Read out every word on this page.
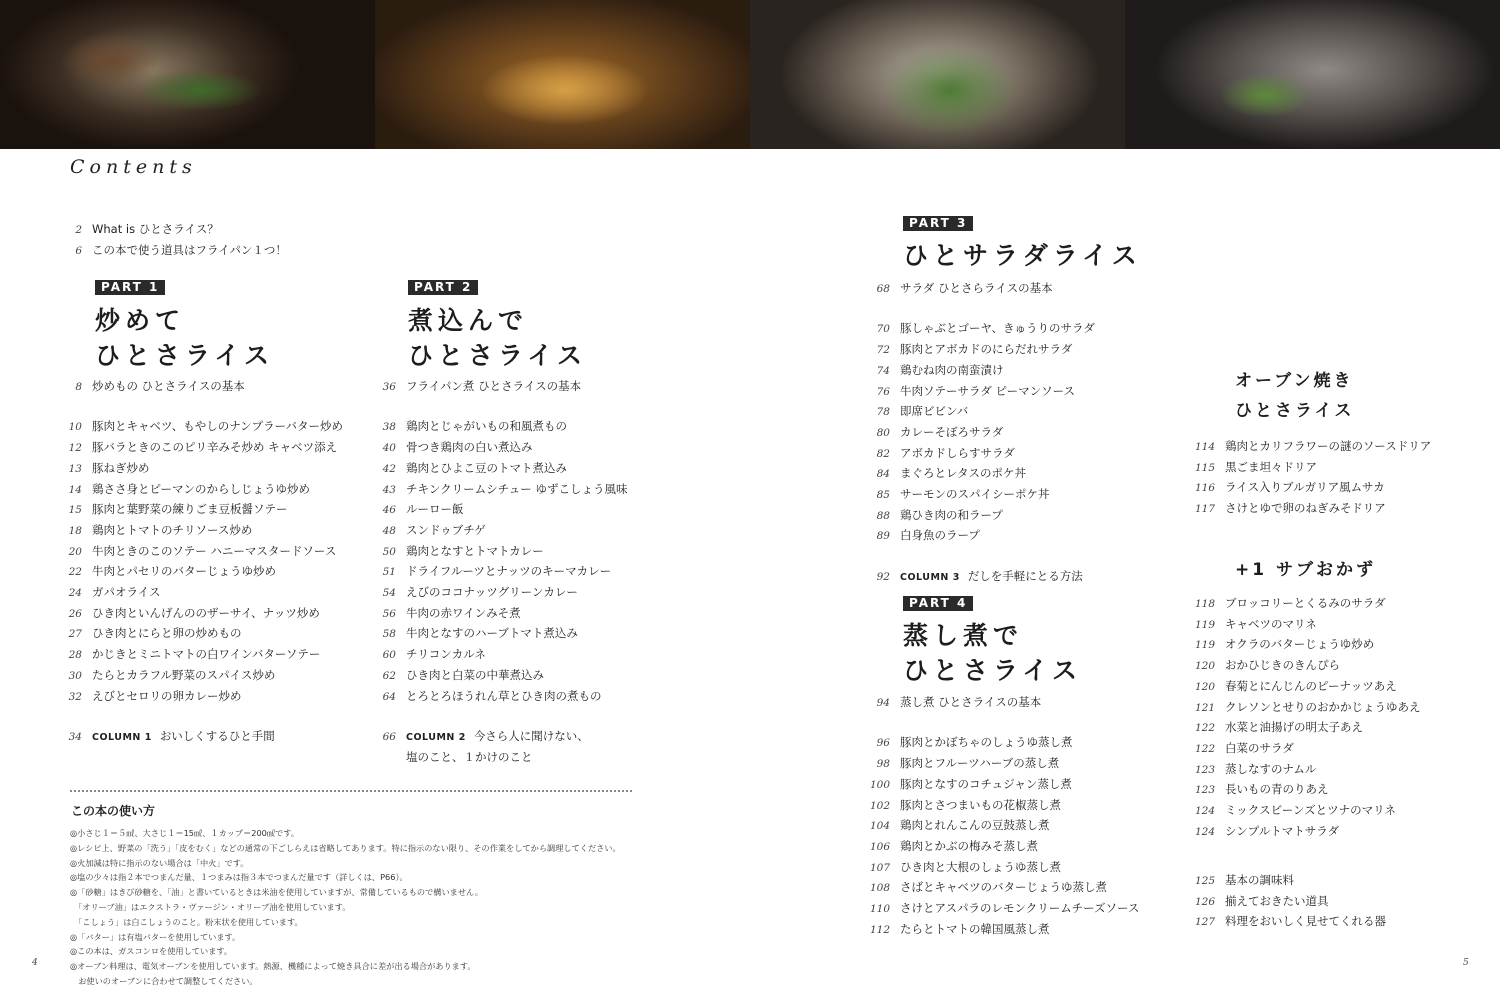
Contents
2 What is ひとさライス？
6 この本で使う道具はフライパン１つ！
PART 1
炒めて
ひとさライス
8 炒めもの ひとさライスの基本
10 豚肉とキャベツ、もやしのナンプラーバター炒め
12 豚バラときのこのピリ辛みそ炒め キャベツ添え
13 豚ねぎ炒め
14 鶏ささ身とピーマンのからしじょうゆ炒め
15 豚肉と葉野菜の練りごま豆板醤ソテー
18 鶏肉とトマトのチリソース炒め
20 牛肉ときのこのソテー ハニーマスタードソース
22 牛肉とパセリのバターじょうゆ炒め
24 ガパオライス
26 ひき肉といんげんののザーサイ、ナッツ炒め
27 ひき肉とにらと卵の炒めもの
28 かじきとミニトマトの白ワインバターソテー
30 たらとカラフル野菜のスパイス炒め
32 えびとセロリの卵カレー炒め
34 COLUMN 1 おいしくするひと手間
PART 2
煮込んで
ひとさライス
36 フライパン煮 ひとさライスの基本
38 鶏肉とじゃがいもの和風煮もの
40 骨つき鶏肉の白い煮込み
42 鶏肉とひよこ豆のトマト煮込み
43 チキンクリームシチュー ゆずこしょう風味
46 ルーロー飯
48 スンドゥブチゲ
50 鶏肉となすとトマトカレー
51 ドライフルーツとナッツのキーマカレー
54 えびのココナッツグリーンカレー
56 牛肉の赤ワインみそ煮
58 牛肉となすのハーブトマト煮込み
60 チリコンカルネ
62 ひき肉と白菜の中華煮込み
64 とろとろほうれん草とひき肉の煮もの
66 COLUMN 2 今さら人に聞けない、
塩のこと、１かけのこと
この本の使い方
◎小さじ１＝５㎖、大さじ１＝15㎖、１カップ＝200㎖です。
◎レシピ上、野菜の「洗う」「皮をむく」などの通常の下ごしらえは省略してあります。特に指示のない限り、その作業をしてから調理してください。
◎火加減は特に指示のない場合は「中火」です。
◎塩の少々は指２本でつまんだ量、１つまみは指３本でつまんだ量です（詳しくは、P66）。
◎「砂糖」はきび砂糖を、「油」と書いているときは米油を使用していますが、常備しているもので構いません。
　「オリーブ油」はエクストラ・ヴァージン・オリーブ油を使用しています。
　「こしょう」は白こしょうのこと。粉末状を使用しています。
◎「バター」は有塩バターを使用しています。
◎この本は、ガスコンロを使用しています。
◎オーブン料理は、電気オーブンを使用しています。熱源、機種によって焼き具合に差が出る場合があります。
　お使いのオーブンに合わせて調整してください。
PART 3
ひとサラダライス
68 サラダ ひとさらライスの基本
70 豚しゃぶとゴーヤ、きゅうりのサラダ
72 豚肉とアボカドのにらだれサラダ
74 鶏むね肉の南蛮漬け
76 牛肉ソテーサラダ ピーマンソース
78 即席ビビンバ
80 カレーそぼろサラダ
82 アボカドしらすサラダ
84 まぐろとレタスのポケ丼
85 サーモンのスパイシーポケ丼
88 鶏ひき肉の和ラープ
89 白身魚のラープ
92 COLUMN 3 だしを手軽にとる方法
PART 4
蒸し煮で
ひとさライス
94 蒸し煮 ひとさライスの基本
96 豚肉とかぼちゃのしょうゆ蒸し煮
98 豚肉とフルーツハーブの蒸し煮
100 豚肉となすのコチュジャン蒸し煮
102 豚肉とさつまいもの花椒蒸し煮
104 鶏肉とれんこんの豆鼓蒸し煮
106 鶏肉とかぶの梅みそ蒸し煮
107 ひき肉と大根のしょうゆ蒸し煮
108 さばとキャベツのバターじょうゆ蒸し煮
110 さけとアスパラのレモンクリームチーズソース
112 たらとトマトの韓国風蒸し煮
オーブン焼き
ひとさライス
114 鶏肉とカリフラワーの謎のソースドリア
115 黒ごま坦々ドリア
116 ライス入りブルガリア風ムサカ
117 さけとゆで卵のねぎみそドリア
+1 サブおかず
118 ブロッコリーとくるみのサラダ
119 キャベツのマリネ
119 オクラのバターじょうゆ炒め
120 おかひじきのきんぴら
120 春菊とにんじんのピーナッツあえ
121 クレソンとせりのおかかじょうゆあえ
122 水菜と油揚げの明太子あえ
122 白菜のサラダ
123 蒸しなすのナムル
123 長いもの青のりあえ
124 ミックスビーンズとツナのマリネ
124 シンプルトマトサラダ
125 基本の調味料
126 揃えておきたい道具
127 料理をおいしく見せてくれる器
4	5
